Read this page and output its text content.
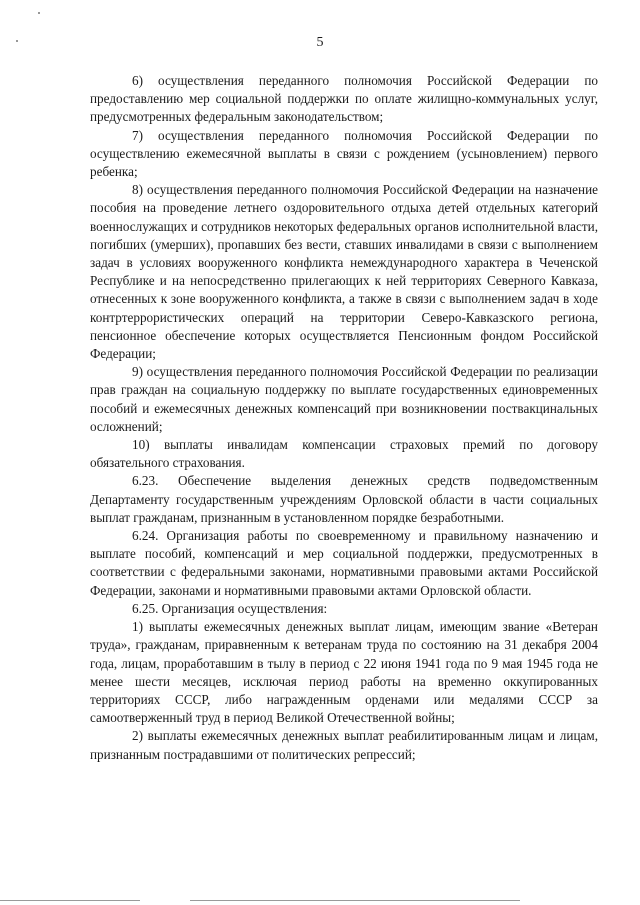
5

6) осуществления переданного полномочия Российской Федерации по предоставлению мер социальной поддержки по оплате жилищно-коммунальных услуг, предусмотренных федеральным законодательством;

7) осуществления переданного полномочия Российской Федерации по осуществлению ежемесячной выплаты в связи с рождением (усыновлением) первого ребенка;

8) осуществления переданного полномочия Российской Федерации на назначение пособия на проведение летнего оздоровительного отдыха детей отдельных категорий военнослужащих и сотрудников некоторых федеральных органов исполнительной власти, погибших (умерших), пропавших без вести, ставших инвалидами в связи с выполнением задач в условиях вооруженного конфликта немеждународного характера в Чеченской Республике и на непосредственно прилегающих к ней территориях Северного Кавказа, отнесенных к зоне вооруженного конфликта, а также в связи с выполнением задач в ходе контртеррористических операций на территории Северо-Кавказского региона, пенсионное обеспечение которых осуществляется Пенсионным фондом Российской Федерации;

9) осуществления переданного полномочия Российской Федерации по реализации прав граждан на социальную поддержку по выплате государственных единовременных пособий и ежемесячных денежных компенсаций при возникновении поствакцинальных осложнений;

10) выплаты инвалидам компенсации страховых премий по договору обязательного страхования.

6.23. Обеспечение выделения денежных средств подведомственным Департаменту государственным учреждениям Орловской области в части социальных выплат гражданам, признанным в установленном порядке безработными.

6.24. Организация работы по своевременному и правильному назначению и выплате пособий, компенсаций и мер социальной поддержки, предусмотренных в соответствии с федеральными законами, нормативными правовыми актами Российской Федерации, законами и нормативными правовыми актами Орловской области.

6.25. Организация осуществления:

1) выплаты ежемесячных денежных выплат лицам, имеющим звание «Ветеран труда», гражданам, приравненным к ветеранам труда по состоянию на 31 декабря 2004 года, лицам, проработавшим в тылу в период с 22 июня 1941 года по 9 мая 1945 года не менее шести месяцев, исключая период работы на временно оккупированных территориях СССР, либо награжденным орденами или медалями СССР за самоотверженный труд в период Великой Отечественной войны;

2) выплаты ежемесячных денежных выплат реабилитированным лицам и лицам, признанным пострадавшими от политических репрессий;
